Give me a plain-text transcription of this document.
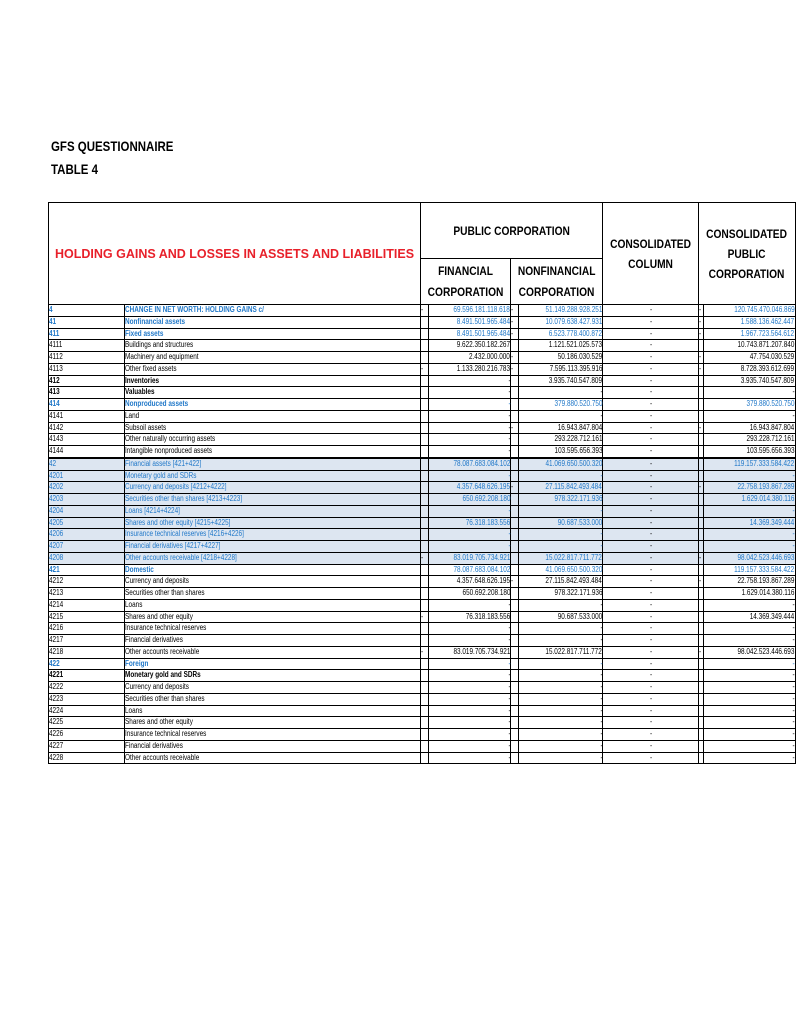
GFS QUESTIONNAIRE
TABLE 4
HOLDING GAINS AND LOSSES IN ASSETS AND LIABILITIES		PUBLIC CORPORATION				CONSOLIDATED COLUMN	CONSOLIDATED PUBLIC CORPORATION	

		FINANCIAL CORPORATION		NONFINANCIAL CORPORATION				

4	CHANGE IN NET WORTH: HOLDING GAINS c/	-	69.596.181.118.618	-	51.149.288.928.251	-	-	120.745.470.046.869
41	Nonfinancial assets		8.491.501.965.484	-	10.079.638.427.931	-	-	1.588.136.462.447
411	Fixed assets		8.491.501.965.484	-	6.523.778.400.872	-	-	1.967.723.564.612
4111	Buildings and structures		9.622.350.182.267		1.121.521.025.573	-		10.743.871.207.840
4112	Machinery and equipment		2.432.000.000	-	50.186.030.529	-	-	47.754.030.529
4113	Other fixed assets	-	1.133.280.216.783	-	7.595.113.395.916	-	-	8.728.393.612.699
412	Inventories		-		3.935.740.547.809	-		3.935.740.547.809
413	Valuables		-		-	-		-
414	Nonproduced assets		-		379.880.520.750	-		379.880.520.750
4141	Land		-		-	-		-
4142	Subsoil assets		-	-	16.943.847.804	-	-	16.943.847.804
4143	Other naturally occurring assets		-		293.228.712.161	-		293.228.712.161
4144	Intangible nonproduced assets		-		103.595.656.393	-		103.595.656.393
42	Financial assets [421+422]		78.087.683.084.102		41.069.650.500.320	-		119.157.333.584.422
4201	Monetary gold and SDRs		-		-	-		-
4202	Currency and deposits [4212+4222]		4.357.648.626.195	-	27.115.842.493.484	-	-	22.758.193.867.289
4203	Securities other than shares [4213+4223]		650.692.208.180		978.322.171.936	-		1.629.014.380.116
4204	Loans [4214+4224]		-		-	-		-
4205	Shares and other equity [4215+4225]		76.318.183.556		90.687.533.000	-		14.369.349.444
4206	Insurance technical reserves [4216+4226]		-		-	-		-
4207	Financial derivatives [4217+4227]		-		-	-		-
4208	Other accounts receivable [4218+4228]	-	83.019.705.734.921		15.022.817.711.772	-	-	98.042.523.446.693
421	Domestic		78.087.683.084.102		41.069.650.500.320	-		119.157.333.584.422
4212	Currency and deposits		4.357.648.626.195	-	27.115.842.493.484	-	-	22.758.193.867.289
4213	Securities other than shares		650.692.208.180		978.322.171.936	-		1.629.014.380.116
4214	Loans		-		-	-		-
4215	Shares and other equity	-	76.318.183.556		90.687.533.000	-		14.369.349.444
4216	Insurance technical reserves		-		-	-		-
4217	Financial derivatives		-		-	-		-
4218	Other accounts receivable	-	83.019.705.734.921		15.022.817.711.772	-	-	98.042.523.446.693
422	Foreign		-		-	-		-
4221	Monetary gold and SDRs		-		-	-		-
4222	Currency and deposits		-		-	-		-
4223	Securities other than shares		-		-	-		-
4224	Loans		-		-	-		-
4225	Shares and other equity		-		-	-		-
4226	Insurance technical reserves		-		-	-		-
4227	Financial derivatives		-		-	-		-
4228	Other accounts receivable		-		-	-		-
